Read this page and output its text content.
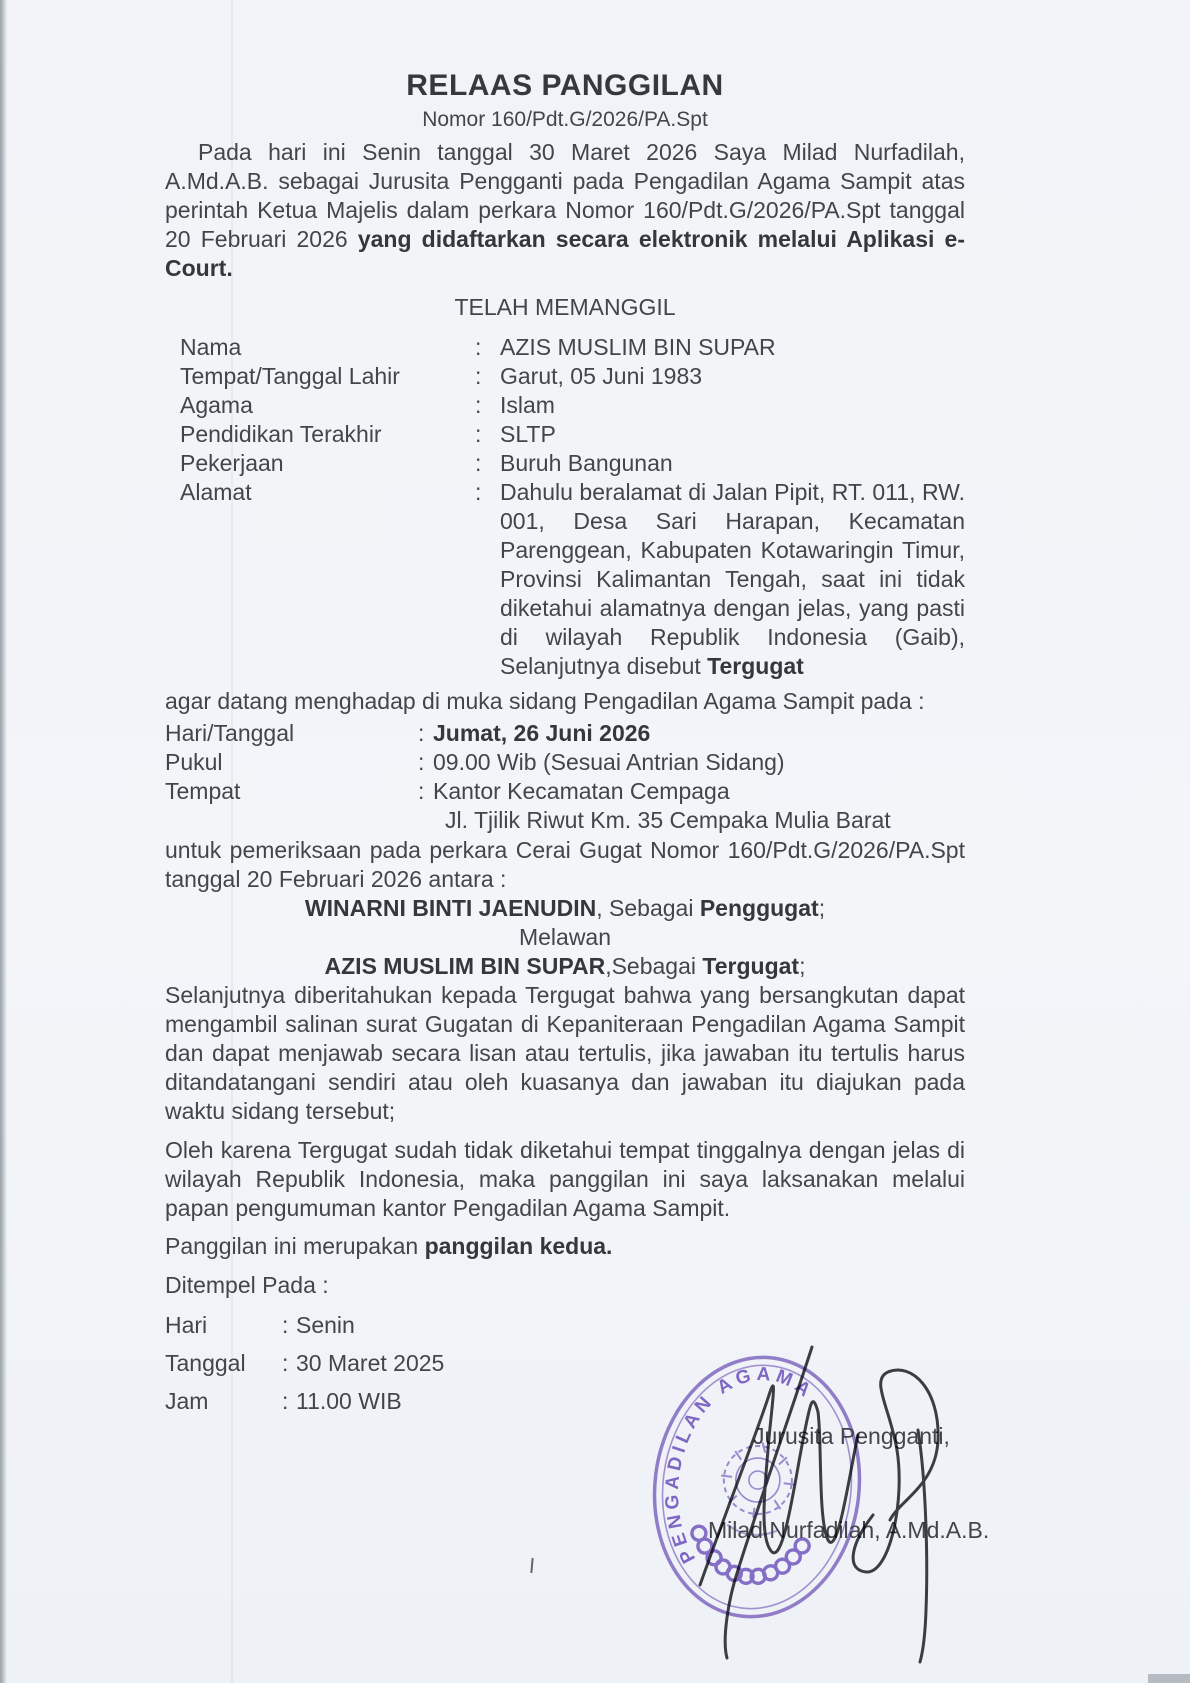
RELAAS PANGGILAN
Nomor 160/Pdt.G/2026/PA.Spt
Pada hari ini Senin tanggal 30 Maret 2026 Saya Milad Nurfadilah, A.Md.A.B. sebagai Jurusita Pengganti pada Pengadilan Agama Sampit atas perintah Ketua Majelis dalam perkara Nomor 160/Pdt.G/2026/PA.Spt tanggal 20 Februari 2026 yang didaftarkan secara elektronik melalui Aplikasi e-Court.
TELAH MEMANGGIL
Nama	: AZIS MUSLIM BIN SUPAR
Tempat/Tanggal Lahir	: Garut, 05 Juni 1983
Agama	: Islam
Pendidikan Terakhir	: SLTP
Pekerjaan	: Buruh Bangunan
Alamat	: Dahulu beralamat di Jalan Pipit, RT. 011, RW. 001, Desa Sari Harapan, Kecamatan Parenggean, Kabupaten Kotawaringin Timur, Provinsi Kalimantan Tengah, saat ini tidak diketahui alamatnya dengan jelas, yang pasti di wilayah Republik Indonesia (Gaib), Selanjutnya disebut Tergugat
agar datang menghadap di muka sidang Pengadilan Agama Sampit pada :
Hari/Tanggal	: Jumat, 26 Juni 2026
Pukul	: 09.00 Wib (Sesuai Antrian Sidang)
Tempat	: Kantor Kecamatan Cempaga
Jl. Tjilik Riwut Km. 35 Cempaka Mulia Barat
untuk pemeriksaan pada perkara Cerai Gugat Nomor 160/Pdt.G/2026/PA.Spt tanggal 20 Februari 2026 antara :
WINARNI BINTI JAENUDIN, Sebagai Penggugat;
Melawan
AZIS MUSLIM BIN SUPAR,Sebagai Tergugat;
Selanjutnya diberitahukan kepada Tergugat bahwa yang bersangkutan dapat mengambil salinan surat Gugatan di Kepaniteraan Pengadilan Agama Sampit dan dapat menjawab secara lisan atau tertulis, jika jawaban itu tertulis harus ditandatangani sendiri atau oleh kuasanya dan jawaban itu diajukan pada waktu sidang tersebut;
Oleh karena Tergugat sudah tidak diketahui tempat tinggalnya dengan jelas di wilayah Republik Indonesia, maka panggilan ini saya laksanakan melalui papan pengumuman kantor Pengadilan Agama Sampit.
Panggilan ini merupakan panggilan kedua.
Ditempel Pada :
Hari	: Senin
Tanggal	: 30 Maret 2025
Jam	: 11.00 WIB
PENGADILAN AGAMA
Jurusita Pengganti,
Milad Nurfadilah, A.Md.A.B.
